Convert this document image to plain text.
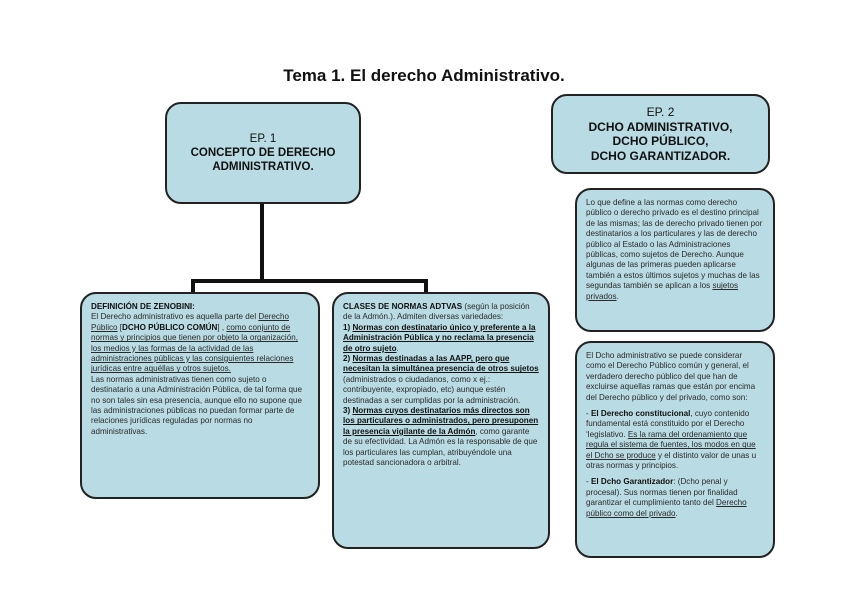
Tema 1. El derecho Administrativo.
EP. 1
CONCEPTO DE DERECHO
ADMINISTRATIVO.
EP. 2
DCHO ADMINISTRATIVO,
DCHO PÚBLICO,
DCHO GARANTIZADOR.

DEFINICIÓN DE ZENOBINI:

El Derecho administrativo es aquella parte del Derecho Público [DCHO PÚBLICO COMÚN] , como conjunto de normas y principios que tienen por objeto la organización, los medios y las formas de la actividad de las administraciones públicas y las consiguientes relaciones jurídicas entre aquéllas y otros sujetos.

Las normas administrativas tienen como sujeto o destinatario a una Administración Pública, de tal forma que no son tales sin esa presencia, aunque ello no supone que las administraciones públicas no puedan formar parte de relaciones jurídicas reguladas por normas no administrativas.

CLASES DE NORMAS ADTVAS (según la posición de la Admón.). Admiten diversas variedades:

1) Normas con destinatario único y preferente a la Administración Pública y no reclama la presencia de otro sujeto.

2) Normas destinadas a las AAPP, pero que necesitan la simultánea presencia de otros sujetos (administrados o ciudadanos, como x ej.: contribuyente, expropiado, etc) aunque estén destinadas a ser cumplidas por la administración.

3) Normas cuyos destinatarios más directos son los particulares o administrados, pero presuponen la presencia vigilante de la Admón, como garante de su efectividad. La Admón es la responsable de que los particulares las cumplan, atribuyéndole una potestad sancionadora o arbitral.

Lo que define a las normas como derecho público o derecho privado es el destino principal de las mismas; las de derecho privado tienen por destinatarios a los particulares y las de derecho público al Estado o las Administraciones públicas, como sujetos de Derecho. Aunque algunas de las primeras pueden aplicarse también a estos últimos sujetos y muchas de las segundas también se aplican a los sujetos privados.

El Dcho administrativo se puede considerar como el Derecho Público común y general, el verdadero derecho público del que han de excluirse aquellas ramas que están por encima del Derecho público y del privado, como son:

- El Derecho constitucional, cuyo contenido fundamental está constituido por el Derecho ‘legislativo. Es la rama del ordenamiento que regula el sistema de fuentes, los modos en que el Dcho se produce y el distinto valor de unas u otras normas y principios.

- El Dcho Garantizador: (Dcho penal y procesal). Sus normas tienen por finalidad garantizar el cumplimiento tanto del Derecho público como del privado.
